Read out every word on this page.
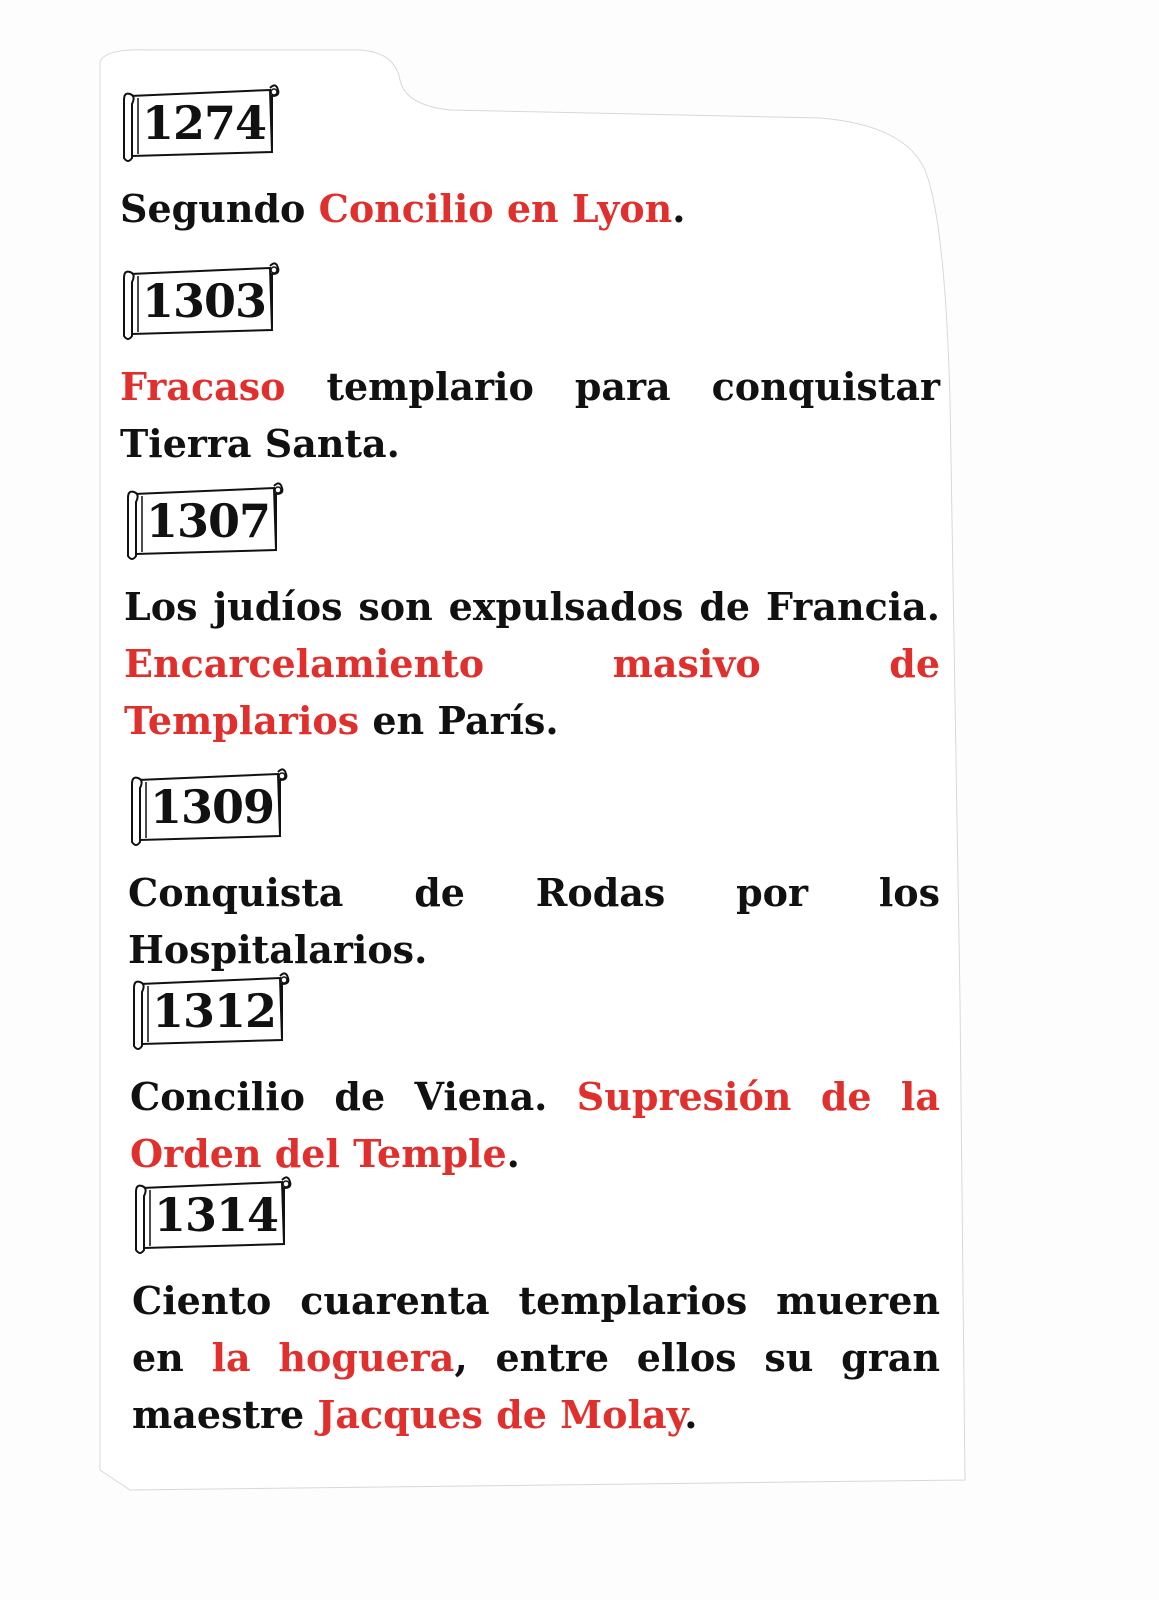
1274
Segundo Concilio en Lyon.
1303
Fracaso templario para conquistar Tierra Santa.
1307
Los judíos son expulsados de Francia. Encarcelamiento masivo de Templarios en París.
1309
Conquista de Rodas por los Hospitalarios.
1312
Concilio de Viena. Supresión de la Orden del Temple.
1314
Ciento cuarenta templarios mueren en la hoguera, entre ellos su gran maestre Jacques de Molay.
